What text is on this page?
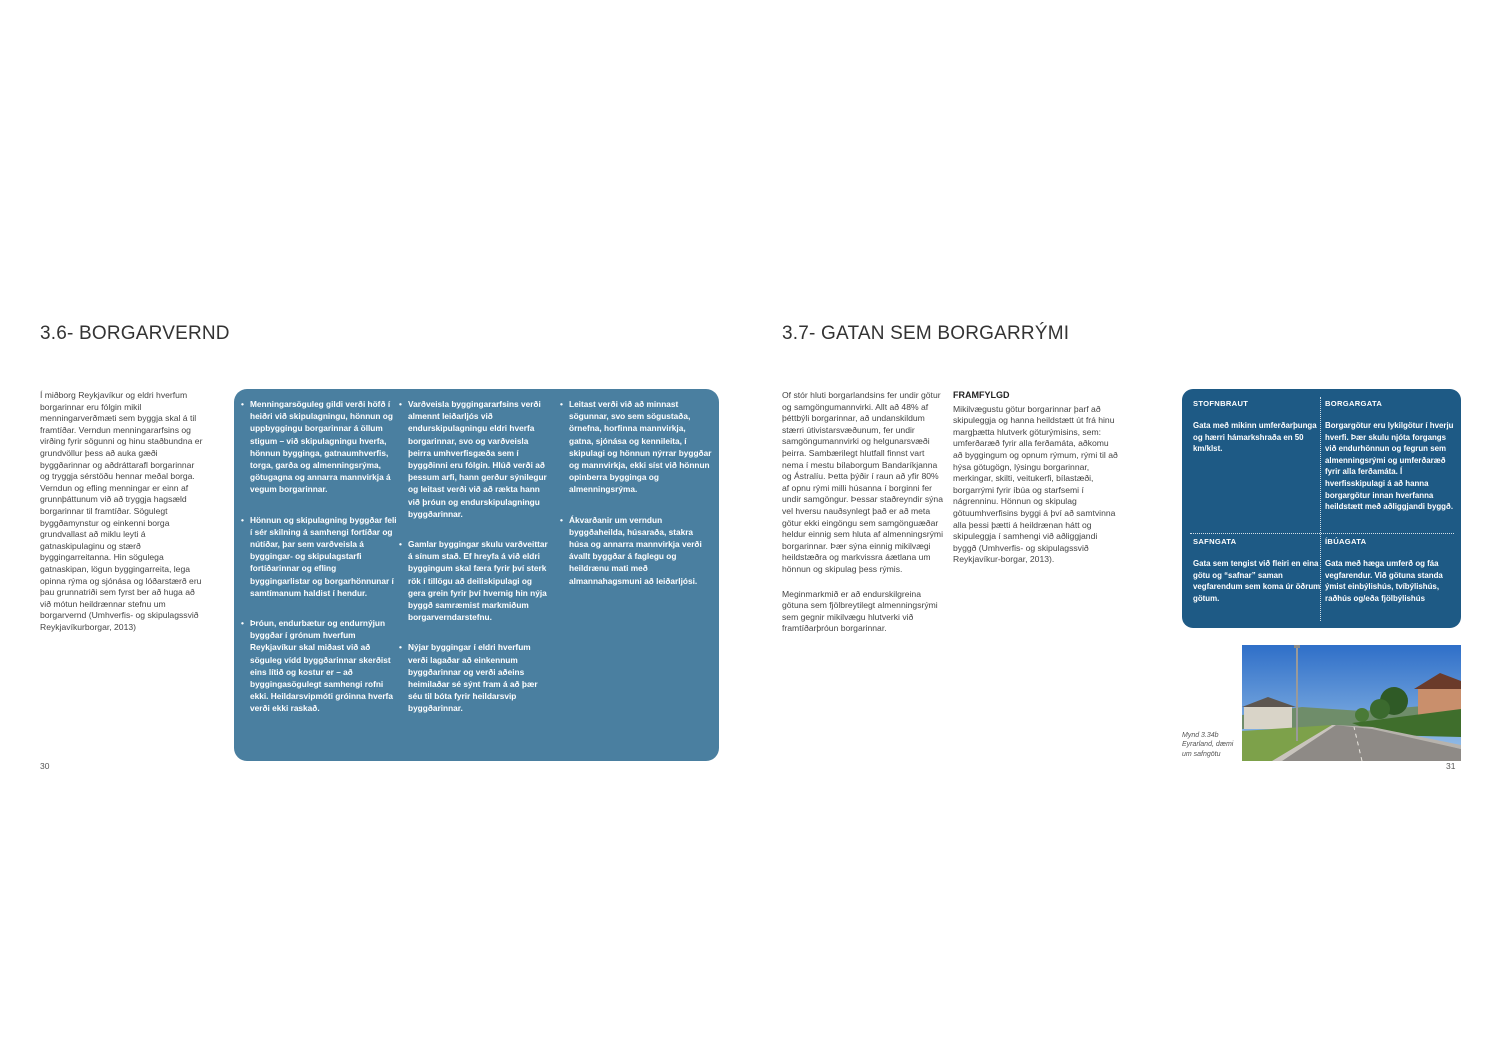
3.6- BORGARVERND
Í miðborg Reykjavíkur og eldri hverfum borgarinnar eru fólgin mikil menningarverðmæti sem byggja skal á til framtíðar. Verndun menningararfsins og virðing fyrir sögunni og hinu staðbundna er grundvöllur þess að auka gæði byggðarinnar og aðdráttarafl borgarinnar og tryggja sérstöðu hennar meðal borga. Verndun og efling menningar er einn af grunnþáttunum við að tryggja hagsæld borgarinnar til framtíðar. Sögulegt byggðamynstur og einkenni borga grundvallast að miklu leyti á gatnaskipulaginu og stærð byggingarreitanna. Hin sögulega gatnaskipan, lögun byggingarreita, lega opinna rýma og sjónása og lóðarstærð eru þau grunnatriði sem fyrst ber að huga að við mótun heildrænnar stefnu um borgarvernd (Umhverfis- og skipulagssvið Reykjavíkurborgar, 2013)
• Menningarsöguleg gildi verði höfð í heiðri við skipulagningu, hönnun og uppbyggingu borgarinnar á öllum stigum – við skipulagningu hverfa, hönnun bygginga, gatnaumhverfis, torga, garða og almenningsrýma, götugagna og annarra mannvirkja á vegum borgarinnar.
• Hönnun og skipulagning byggðar feli í sér skilning á samhengi fortíðar og nútíðar, þar sem varðveisla á byggingar- og skipulagstarfi fortíðarinnar og efling byggingarlistar og borgarhönnunar í samtímanum haldist í hendur.
• Þróun, endurbætur og endurnýjun byggðar í grónum hverfum Reykjavíkur skal miðast við að söguleg vídd byggðarinnar skerðist eins lítið og kostur er – að byggingasögulegt samhengi rofni ekki. Heildarsvipmóti gróinna hverfa verði ekki raskað.
• Varðveisla byggingararfsins verði almennt leiðarljós við endurskipulagningu eldri hverfa borgarinnar, svo og varðveisla þeirra umhverfisgæða sem í byggðinni eru fólgin. Hlúð verði að þessum arfi, hann gerður sýnilegur og leitast verði við að rækta hann við þróun og endurskipulagningu byggðarinnar.
• Gamlar byggingar skulu varðveittar á sínum stað. Ef hreyfa á við eldri byggingum skal færa fyrir því sterk rök í tillögu að deiliskipulagi og gera grein fyrir því hvernig hin nýja byggð samræmist markmiðum borgarverndarstefnu.
• Nýjar byggingar í eldri hverfum verði lagaðar að einkennum byggðarinnar og verði aðeins heimilaðar sé sýnt fram á að þær séu til bóta fyrir heildarsvip byggðarinnar.
• Leitast verði við að minnast sögunnar, svo sem sögustaða, örnefna, horfinna mannvirkja, gatna, sjónása og kennileita, í skipulagi og hönnun nýrrar byggðar og mannvirkja, ekki síst við hönnun opinberra bygginga og almenningsrýma.
• Ákvarðanir um verndun byggðaheilda, húsaraða, stakra húsa og annarra mannvirkja verði ávallt byggðar á faglegu og heildrænu mati með almannahagsmuni að leiðarljósi.
30
3.7- GATAN SEM BORGARRÝMI

Of stór hluti borgarlandsins fer undir götur og samgöngumannvirki. Allt að 48% af þéttbýli borgarinnar, að undanskildum stærri útivistarsvæðunum, fer undir samgöngumannvirki og helgunarsvæði þeirra. Sambærilegt hlutfall finnst vart nema í mestu bílaborgum Bandaríkjanna og Ástralíu. Þetta þýðir í raun að yfir 80% af opnu rými milli húsanna í borginni fer undir samgöngur. Þessar staðreyndir sýna vel hversu nauðsynlegt það er að meta götur ekki eingöngu sem samgönguæðar heldur einnig sem hluta af almenningsrými borgarinnar. Þær sýna einnig mikilvægi heildstæðra og markvissra áætlana um hönnun og skipulag þess rýmis.

Meginmarkmið er að endurskilgreina götuna sem fjölbreytilegt almenningsrými sem gegnir mikilvægu hlutverki við framtíðarþróun borgarinnar.

FRAMFYLGD
Mikilvægustu götur borgarinnar þarf að skipuleggja og hanna heildstætt út frá hinu margþætta hlutverk göturýmisins, sem: umferðaræð fyrir alla ferðamáta, aðkomu að byggingum og opnum rýmum, rými til að hýsa götugögn, lýsingu borgarinnar, merkingar, skilti, veitukerfi, bílastæði, borgarrými fyrir íbúa og starfsemi í nágrenninu. Hönnun og skipulag götuumhverfisins byggi á því að samtvinna alla þessi þætti á heildrænan hátt og skipuleggja í samhengi við aðliggjandi byggð (Umhverfis- og skipulagssvið Reykjavíkur-borgar, 2013).
STOFNBRAUT
Gata með mikinn umferðarþunga og hærri hámarkshraða en 50 km/klst.
BORGARGATA
Borgargötur eru lykilgötur í hverju hverfi. Þær skulu njóta forgangs við endurhönnun og fegrun sem almenningsrými og umferðaræð fyrir alla ferðamáta. Í hverfisskipulagi á að hanna borgargötur innan hverfanna heildstætt með aðliggjandi byggð.
SAFNGATA
Gata sem tengist við fleiri en eina götu og “safnar” saman vegfarendum sem koma úr öðrum götum.
ÍBÚAGATA
Gata með hæga umferð og fáa vegfarendur. Við götuna standa ýmist einbýlishús, tvíbýlishús, raðhús og/eða fjölbýlishús
Mynd 3.34b Eyrarland, dæmi um safngötu
31
